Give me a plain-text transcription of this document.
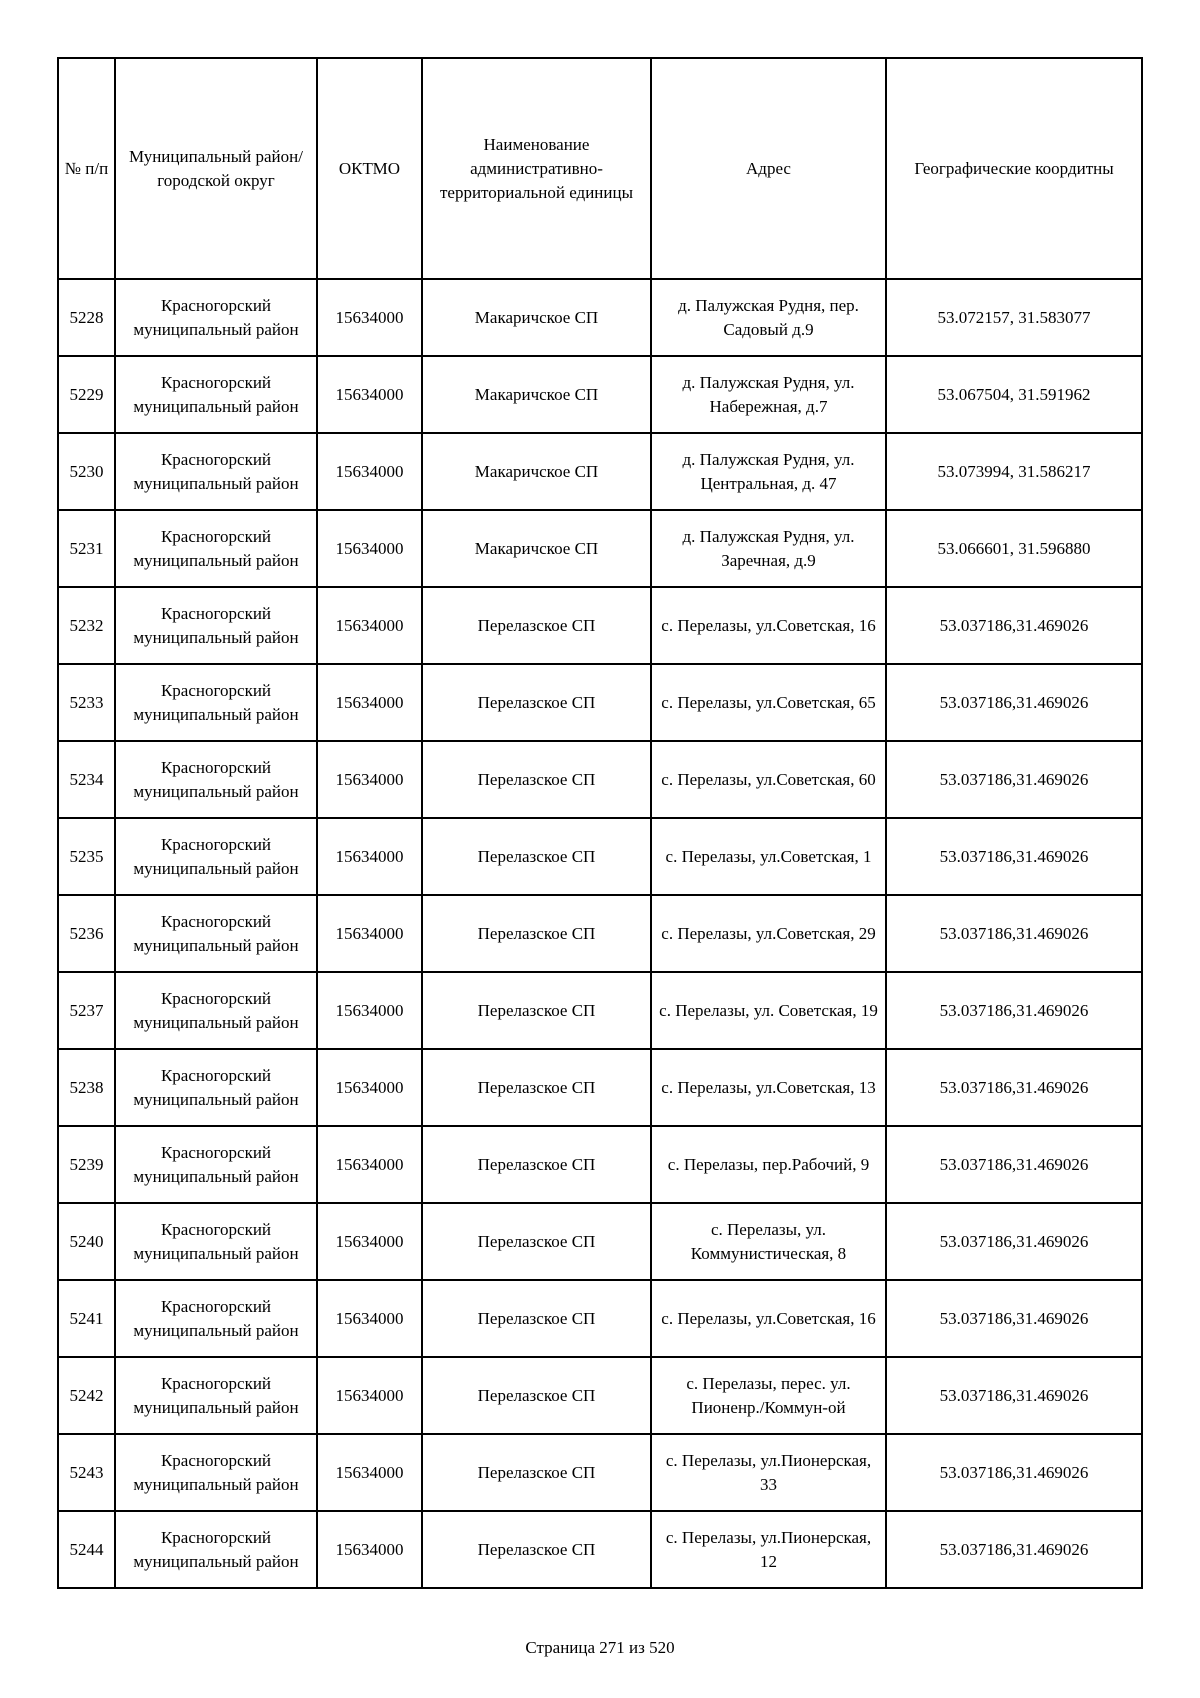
№ п/п	Муниципальный район/городской округ	ОКТМО	Наименование административно-территориальной единицы	Адрес	Географические коордитны
5228	Красногорский муниципальный район	15634000	Макаричское СП	д. Палужская Рудня, пер. Садовый д.9	53.072157, 31.583077
5229	Красногорский муниципальный район	15634000	Макаричское СП	д. Палужская Рудня, ул. Набережная, д.7	53.067504, 31.591962
5230	Красногорский муниципальный район	15634000	Макаричское СП	д. Палужская Рудня, ул. Центральная, д. 47	53.073994, 31.586217
5231	Красногорский муниципальный район	15634000	Макаричское СП	д. Палужская Рудня, ул. Заречная, д.9	53.066601, 31.596880
5232	Красногорский муниципальный район	15634000	Перелазское СП	с. Перелазы, ул.Советская, 16	53.037186,31.469026
5233	Красногорский муниципальный район	15634000	Перелазское СП	с. Перелазы, ул.Советская, 65	53.037186,31.469026
5234	Красногорский муниципальный район	15634000	Перелазское СП	с. Перелазы, ул.Советская, 60	53.037186,31.469026
5235	Красногорский муниципальный район	15634000	Перелазское СП	с. Перелазы, ул.Советская, 1	53.037186,31.469026
5236	Красногорский муниципальный район	15634000	Перелазское СП	с. Перелазы, ул.Советская, 29	53.037186,31.469026
5237	Красногорский муниципальный район	15634000	Перелазское СП	с. Перелазы, ул. Советская, 19	53.037186,31.469026
5238	Красногорский муниципальный район	15634000	Перелазское СП	с. Перелазы, ул.Советская, 13	53.037186,31.469026
5239	Красногорский муниципальный район	15634000	Перелазское СП	с. Перелазы, пер.Рабочий, 9	53.037186,31.469026
5240	Красногорский муниципальный район	15634000	Перелазское СП	с. Перелазы, ул. Коммунистическая, 8	53.037186,31.469026
5241	Красногорский муниципальный район	15634000	Перелазское СП	с. Перелазы, ул.Советская, 16	53.037186,31.469026
5242	Красногорский муниципальный район	15634000	Перелазское СП	с. Перелазы, перес. ул. Пионенр./Коммун-ой	53.037186,31.469026
5243	Красногорский муниципальный район	15634000	Перелазское СП	с. Перелазы, ул.Пионерская, 33	53.037186,31.469026
5244	Красногорский муниципальный район	15634000	Перелазское СП	с. Перелазы, ул.Пионерская, 12	53.037186,31.469026
Страница 271 из 520
